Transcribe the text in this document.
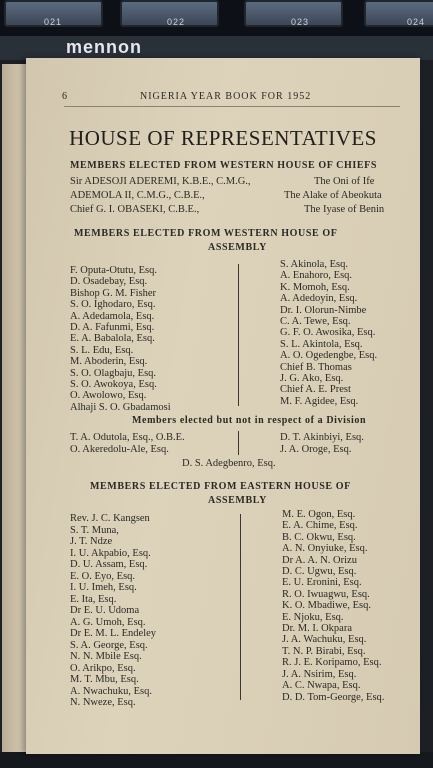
021	022	023	024
mennon
6	NIGERIA YEAR BOOK FOR 1952
HOUSE OF REPRESENTATIVES
MEMBERS ELECTED FROM WESTERN HOUSE OF CHIEFS
Sir ADESOJI ADEREMI, K.B.E., C.M.G.,	The Oni of Ife
ADEMOLA II, C.M.G., C.B.E.,	The Alake of Abeokuta
Chief G. I. OBASEKI, C.B.E.,	The Iyase of Benin
MEMBERS ELECTED FROM WESTERN HOUSE OF
ASSEMBLY
F. Oputa-Otutu, Esq.
D. Osadebay, Esq.
Bishop G. M. Fisher
S. O. Ighodaro, Esq.
A. Adedamola, Esq.
D. A. Fafunmi, Esq.
E. A. Babalola, Esq.
S. L. Edu, Esq.
M. Aboderin, Esq.
S. O. Olagbaju, Esq.
S. O. Awokoya, Esq.
O. Awolowo, Esq.
Alhaji S. O. Gbadamosi
S. Akinola, Esq.
A. Enahoro, Esq.
K. Momoh, Esq.
A. Adedoyin, Esq.
Dr. I. Olorun-Nimbe
C. A. Tewe, Esq.
G. F. O. Awosika, Esq.
S. L. Akintola, Esq.
A. O. Ogedengbe, Esq.
Chief B. Thomas
J. G. Ako, Esq.
Chief A. E. Prest
M. F. Agidee, Esq.
Members elected but not in respect of a Division
T. A. Odutola, Esq., O.B.E.
O. Akeredolu-Ale, Esq.
D. T. Akinbiyi, Esq.
J. A. Oroge, Esq.
D. S. Adegbenro, Esq.
MEMBERS ELECTED FROM EASTERN HOUSE OF
ASSEMBLY
Rev. J. C. Kangsen
S. T. Muna,
J. T. Ndze
I. U. Akpabio, Esq.
D. U. Assam, Esq.
E. O. Eyo, Esq.
I. U. Imeh, Esq.
E. Ita, Esq.
Dr E. U. Udoma
A. G. Umoh, Esq.
Dr E. M. L. Endeley
S. A. George, Esq.
N. N. Mbile Esq.
O. Arikpo, Esq.
M. T. Mbu, Esq.
A. Nwachuku, Esq.
N. Nweze, Esq.
M. E. Ogon, Esq.
E. A. Chime, Esq.
B. C. Okwu, Esq.
A. N. Onyiuke, Esq.
Dr A. A. N. Orizu
D. C. Ugwu, Esq.
E. U. Eronini, Esq.
R. O. Iwuagwu, Esq.
K. O. Mbadiwe, Esq.
E. Njoku, Esq.
Dr. M. I. Okpara
J. A. Wachuku, Esq.
T. N. P. Birabi, Esq.
R. J. E. Koripamo, Esq.
J. A. Nsirim, Esq.
A. C. Nwapa, Esq.
D. D. Tom-George, Esq.
